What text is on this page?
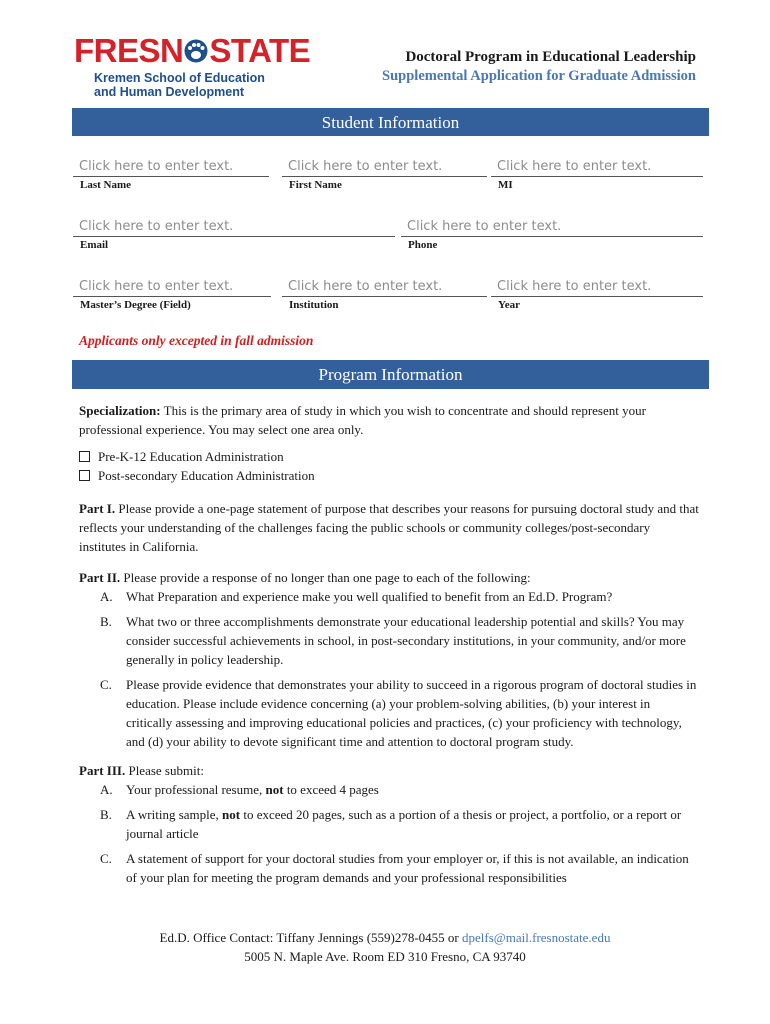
FRESN STATE
Kremen School of Education
and Human Development
Doctoral Program in Educational Leadership
Supplemental Application for Graduate Admission
Student Information
Click here to enter text.
Last Name
Click here to enter text.
First Name
Click here to enter text.
MI
Click here to enter text.
Email
Click here to enter text.
Phone
Click here to enter text.
Master’s Degree (Field)
Click here to enter text.
Institution
Click here to enter text.
Year
Applicants only excepted in fall admission
Program Information

Specialization: This is the primary area of study in which you wish to concentrate and should represent your professional experience. You may select one area only.

Pre-K-12 Education Administration
Post-secondary Education Administration

Part I. Please provide a one-page statement of purpose that describes your reasons for pursuing doctoral study and that reflects your understanding of the challenges facing the public schools or community colleges/post-secondary institutes in California.

Part II. Please provide a response of no longer than one page to each of the following:

A.	What Preparation and experience make you well qualified to benefit from an Ed.D. Program?
B.	What two or three accomplishments demonstrate your educational leadership potential and skills? You may consider successful achievements in school, in post-secondary institutions, in your community, and/or more generally in policy leadership.
C.	Please provide evidence that demonstrates your ability to succeed in a rigorous program of doctoral studies in education. Please include evidence concerning (a) your problem-solving abilities, (b) your interest in critically assessing and improving educational policies and practices, (c) your proficiency with technology, and (d) your ability to devote significant time and attention to doctoral program study.

Part III. Please submit:

A.	Your professional resume, not to exceed 4 pages
B.	A writing sample, not to exceed 20 pages, such as a portion of a thesis or project, a portfolio, or a report or journal article
C.	A statement of support for your doctoral studies from your employer or, if this is not available, an indication of your plan for meeting the program demands and your professional responsibilities
Ed.D. Office Contact: Tiffany Jennings (559)278-0455 or dpelfs@mail.fresnostate.edu
5005 N. Maple Ave. Room ED 310 Fresno, CA 93740
